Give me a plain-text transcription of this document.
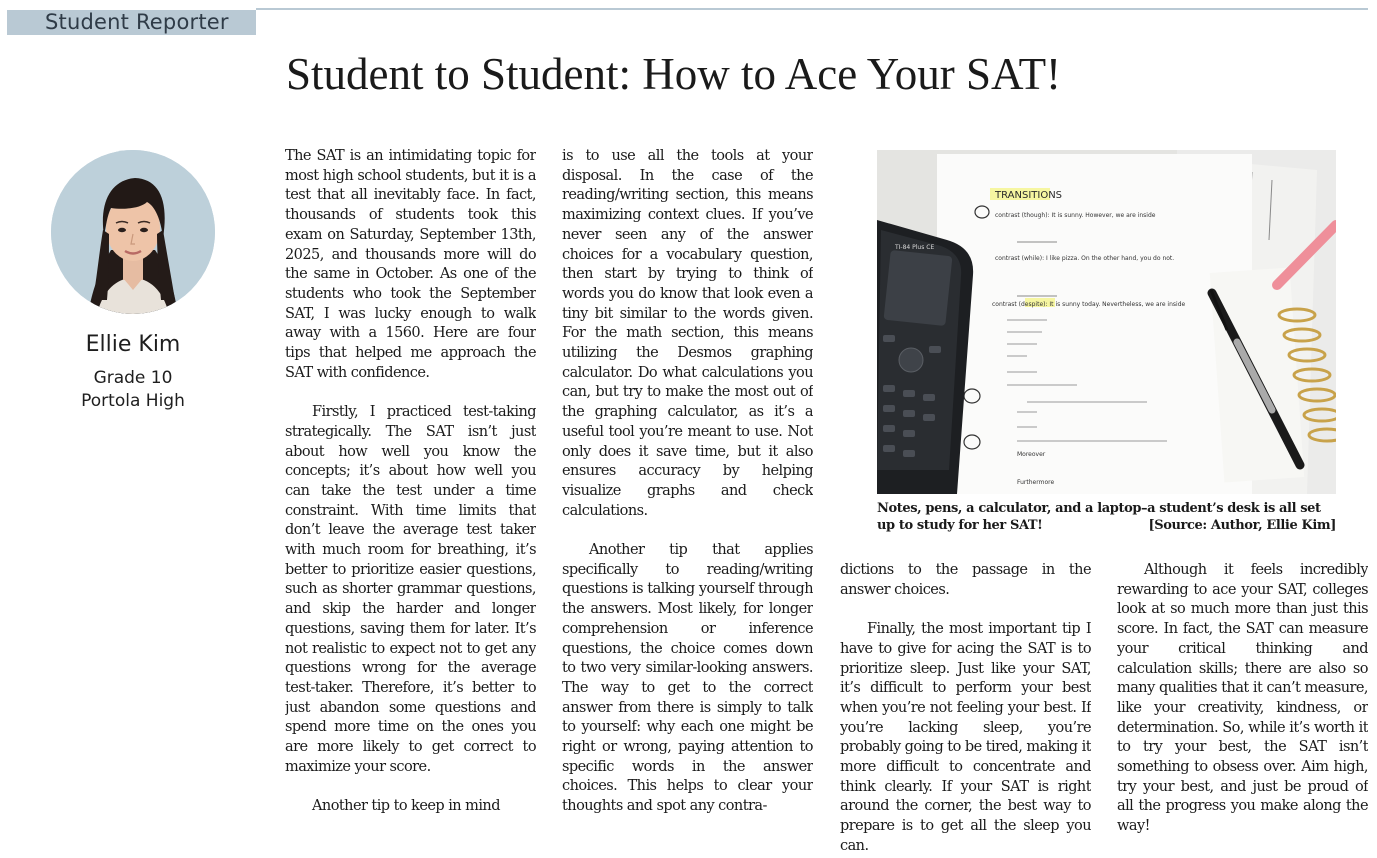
Student Reporter
Student to Student: How to Ace Your SAT!
Ellie Kim
Grade 10
Portola High

The SAT is an intimidating topic for most high school students, but it is a test that all inevitably face. In fact, thousands of students took this exam on Saturday, September 13th, 2025, and thousands more will do the same in October. As one of the students who took the September SAT, I was lucky enough to walk away with a 1560. Here are four tips that helped me approach the SAT with confidence.

Firstly, I practiced test-taking strategically. The SAT isn’t just about how well you know the concepts; it’s about how well you can take the test under a time constraint. With time limits that don’t leave the average test taker with much room for breathing, it’s better to prioritize easier questions, such as shorter grammar questions, and skip the harder and longer questions, saving them for later. It’s not realistic to expect not to get any questions wrong for the average test-taker. Therefore, it’s better to just abandon some questions and spend more time on the ones you are more likely to get correct to maximize your score.

Another tip to keep in mind

is to use all the tools at your disposal. In the case of the reading/writing section, this means maximizing context clues. If you’ve never seen any of the answer choices for a vocabulary question, then start by trying to think of words you do know that look even a tiny bit similar to the words given. For the math section, this means utilizing the Desmos graphing calculator. Do what calculations you can, but try to make the most out of the graphing calculator, as it’s a useful tool you’re meant to use. Not only does it save time, but it also ensures accuracy by helping visualize graphs and check calculations.

Another tip that applies specifically to reading/writing questions is talking yourself through the answers. Most likely, for longer comprehension or inference questions, the choice comes down to two very similar-looking answers. The way to get to the correct answer from there is simply to talk to yourself: why each one might be right or wrong, paying attention to specific words in the answer choices. This helps to clear your thoughts and spot any contra-

dictions to the passage in the answer choices.

Finally, the most important tip I have to give for acing the SAT is to prioritize sleep. Just like your SAT, it’s difficult to perform your best when you’re not feeling your best. If you’re lacking sleep, you’re probably going to be tired, making it more difficult to concentrate and think clearly. If your SAT is right around the corner, the best way to prepare is to get all the sleep you can.

Although it feels incredibly rewarding to ace your SAT, colleges look at so much more than just this score. In fact, the SAT can measure your critical thinking and calculation skills; there are also so many qualities that it can’t measure, like your creativity, kindness, or determination. So, while it’s worth it to try your best, the SAT isn’t something to obsess over. Aim high, try your best, and just be proud of all the progress you make along the way!

TRANSITIONS
contrast (though): It is sunny. However, we are inside
contrast (while): I like pizza. On the other hand, you do not.
contrast (despite): It is sunny today. Nevertheless, we are inside
Moreover
Furthermore
TI-84 Plus CE
Notes, pens, a calculator, and a laptop–a student’s desk is all set up to study for her SAT!	[Source: Author, Ellie Kim]
